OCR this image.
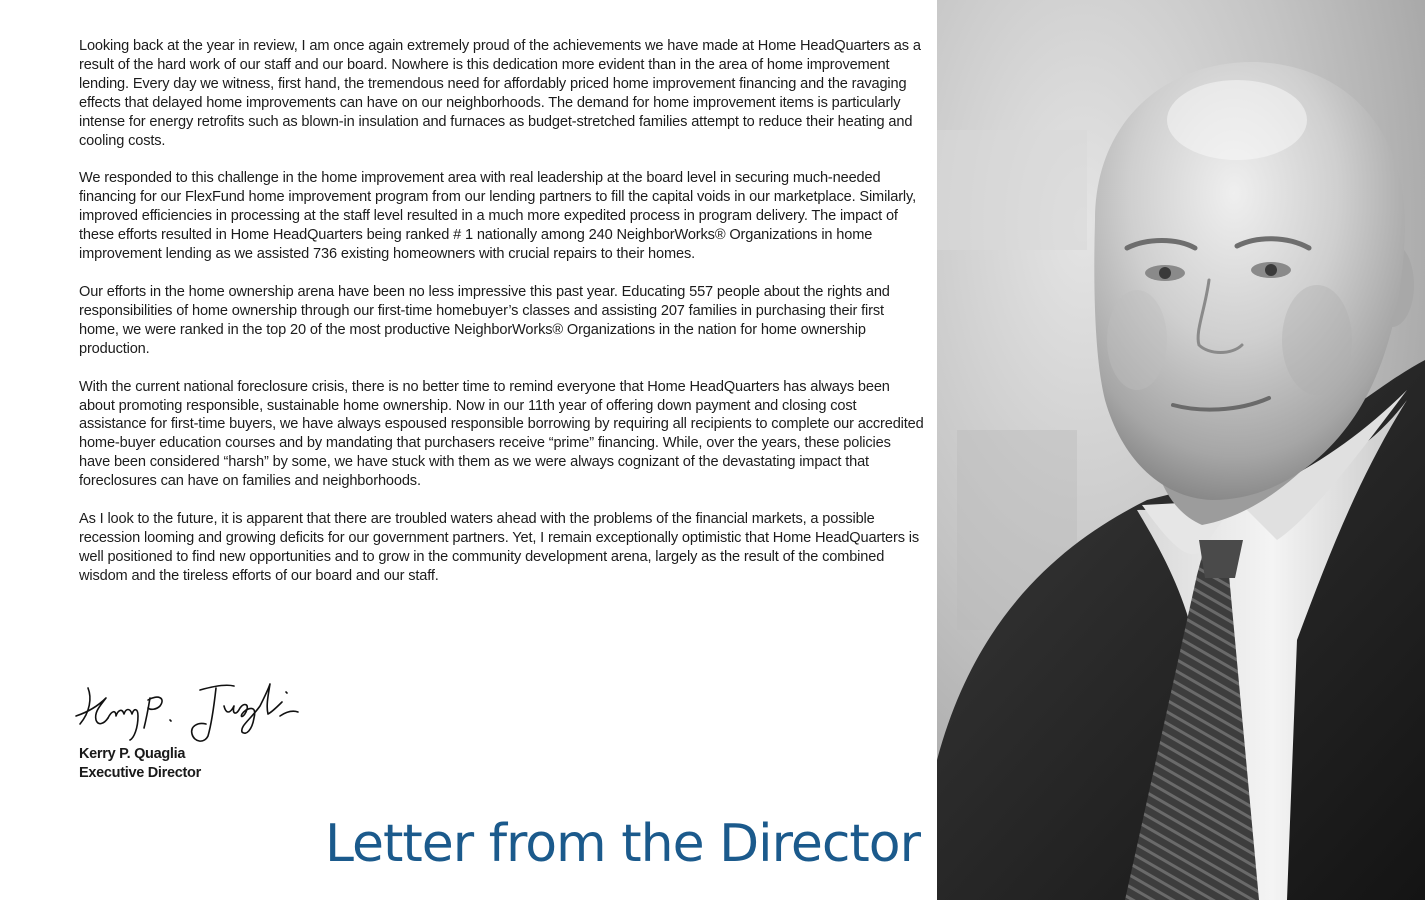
Looking back at the year in review, I am once again extremely proud of the achievements we have made at Home HeadQuarters as a result of the hard work of our staff and our board. Nowhere is this dedication more evident than in the area of home improvement lending. Every day we witness, first hand, the tremendous need for affordably priced home improvement financing and the ravaging effects that delayed home improvements can have on our neighborhoods. The demand for home improvement items is particularly intense for energy retrofits such as blown-in insulation and furnaces as budget-stretched families attempt to reduce their heating and cooling costs.

We responded to this challenge in the home improvement area with real leadership at the board level in securing much-needed financing for our FlexFund home improvement program from our lending partners to fill the capital voids in our marketplace. Similarly, improved efficiencies in processing at the staff level resulted in a much more expedited process in program delivery. The impact of these efforts resulted in Home HeadQuarters being ranked # 1 nationally among 240 NeighborWorks® Organizations in home improvement lending as we assisted 736 existing homeowners with crucial repairs to their homes.

Our efforts in the home ownership arena have been no less impressive this past year. Educating 557 people about the rights and responsibilities of home ownership through our first-time homebuyer’s classes and assisting 207 families in purchasing their first home, we were ranked in the top 20 of the most productive NeighborWorks® Organizations in the nation for home ownership production.

With the current national foreclosure crisis, there is no better time to remind everyone that Home HeadQuarters has always been about promoting responsible, sustainable home ownership. Now in our 11th year of offering down payment and closing cost assistance for first-time buyers, we have always espoused responsible borrowing by requiring all recipients to complete our accredited home-buyer education courses and by mandating that purchasers receive “prime” financing. While, over the years, these policies have been considered “harsh” by some, we have stuck with them as we were always cognizant of the devastating impact that foreclosures can have on families and neighborhoods.

As I look to the future, it is apparent that there are troubled waters ahead with the problems of the financial markets, a possible recession looming and growing deficits for our government partners. Yet, I remain exceptionally optimistic that Home HeadQuarters is well positioned to find new opportunities and to grow in the community development arena, largely as the result of the combined wisdom and the tireless efforts of our board and our staff.

Kerry P. Quaglia
Executive Director
Letter from the Director
